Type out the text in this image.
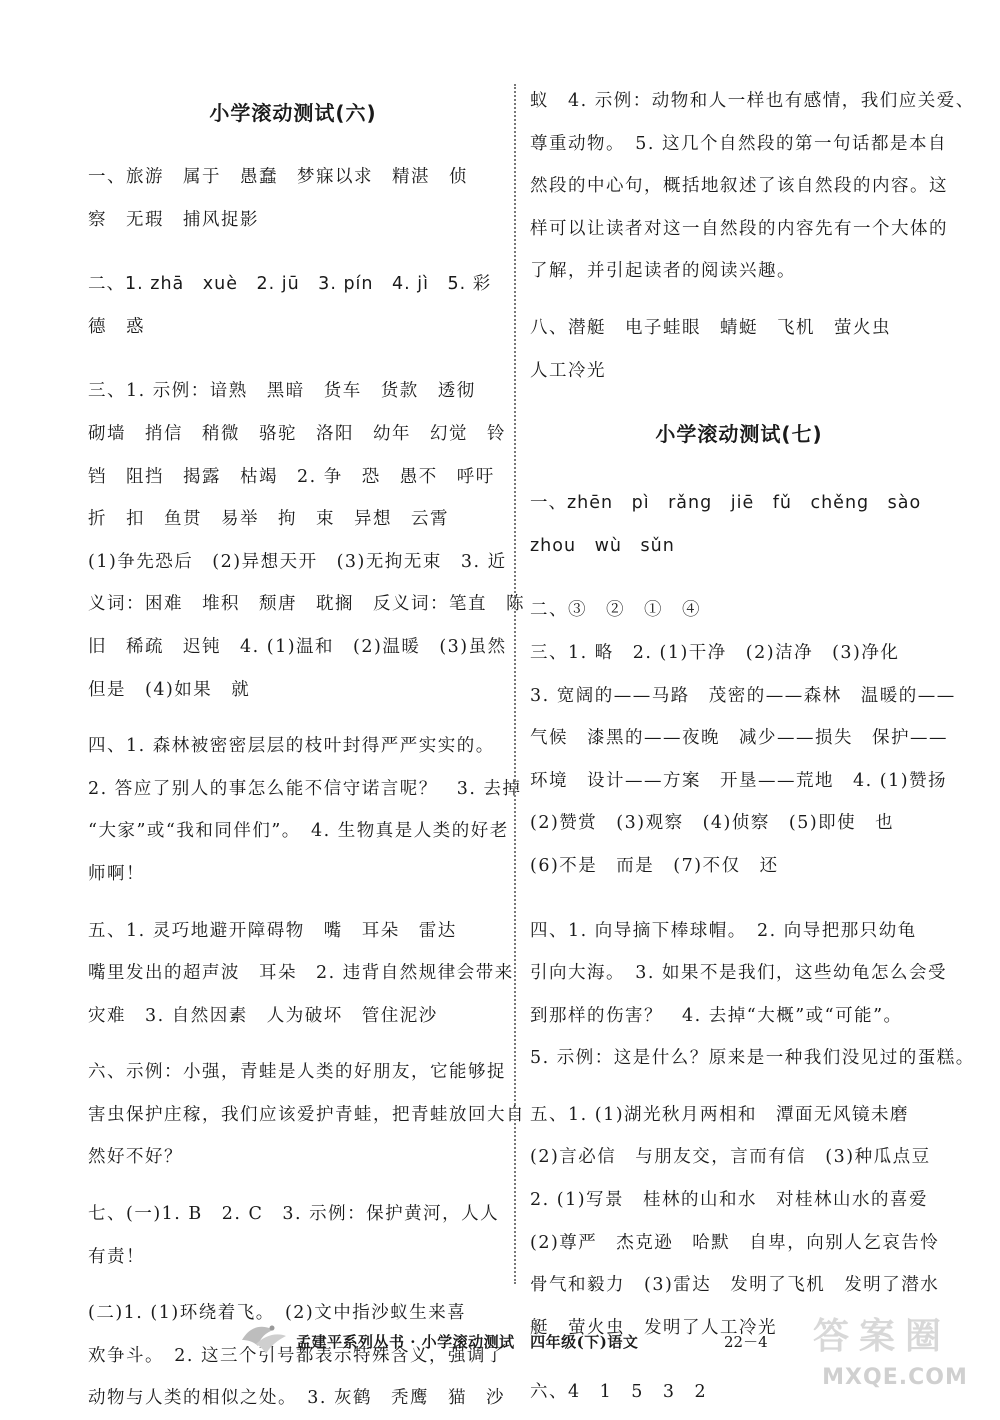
小学滚动测试(六)

一、旅游　属于　愚蠢　梦寐以求　精湛　侦

察　无瑕　捕风捉影

二、1. zhā　xuè　2. jū　3. pín　4. jì　5. 彩

德　惑

三、1. 示例：谙熟　黑暗　货车　货款　透彻

砌墙　捎信　稍微　骆驼　洛阳　幼年　幻觉　铃

铛　阻挡　揭露　枯竭　2. 争　恐　愚不　呼吁

折　扣　鱼贯　易举　拘　束　异想　云霄

(1)争先恐后　(2)异想天开　(3)无拘无束　3. 近

义词：困难　堆积　颓唐　耽搁　反义词：笔直　陈

旧　稀疏　迟钝　4. (1)温和　(2)温暖　(3)虽然

但是　(4)如果　就

四、1. 森林被密密层层的枝叶封得严严实实的。

2. 答应了别人的事怎么能不信守诺言呢？　3. 去掉

“大家”或“我和同伴们”。　4. 生物真是人类的好老

师啊！

五、1. 灵巧地避开障碍物　嘴　耳朵　雷达

嘴里发出的超声波　耳朵　2. 违背自然规律会带来

灾难　3. 自然因素　人为破坏　管住泥沙

六、示例：小强，青蛙是人类的好朋友，它能够捉

害虫保护庄稼，我们应该爱护青蛙，把青蛙放回大自

然好不好？

七、(一)1. B　2. C　3. 示例：保护黄河，人人

有责！

(二)1. (1)环绕着飞。　(2)文中指沙蚁生来喜

欢争斗。　2. 这三个引号都表示特殊含义，强调了

动物与人类的相似之处。　3. 灰鹤　秃鹰　猫　沙

蚁　4. 示例：动物和人一样也有感情，我们应关爱、

尊重动物。　5. 这几个自然段的第一句话都是本自

然段的中心句，概括地叙述了该自然段的内容。这

样可以让读者对这一自然段的内容先有一个大体的

了解，并引起读者的阅读兴趣。

八、潜艇　电子蛙眼　蜻蜓　飞机　萤火虫

人工冷光

小学滚动测试(七)

一、zhēn　pì　rǎng　jiē　fǔ　chěng　sào

zhou　wù　sǔn

二、③　②　①　④

三、1. 略　2. (1)干净　(2)洁净　(3)净化

3. 宽阔的——马路　茂密的——森林　温暖的——

气候　漆黑的——夜晚　减少——损失　保护——

环境　设计——方案　开垦——荒地　4. (1)赞扬

(2)赞赏　(3)观察　(4)侦察　(5)即使　也

(6)不是　而是　(7)不仅　还

四、1. 向导摘下棒球帽。　2. 向导把那只幼龟

引向大海。　3. 如果不是我们，这些幼龟怎么会受

到那样的伤害？　4. 去掉“大概”或“可能”。

5. 示例：这是什么？原来是一种我们没见过的蛋糕。

五、1. (1)湖光秋月两相和　潭面无风镜未磨

(2)言必信　与朋友交，言而有信　(3)种瓜点豆

2. (1)写景　桂林的山和水　对桂林山水的喜爱

(2)尊严　杰克逊　哈默　自卑，向别人乞哀告怜

骨气和毅力　(3)雷达　发明了飞机　发明了潜水

艇　萤火虫　发明了人工冷光

六、4　1　5　3　2

孟建平系列丛书 · 小学滚动测试　四年级(下)语文	22－4	答案圈
MXQE.COM
